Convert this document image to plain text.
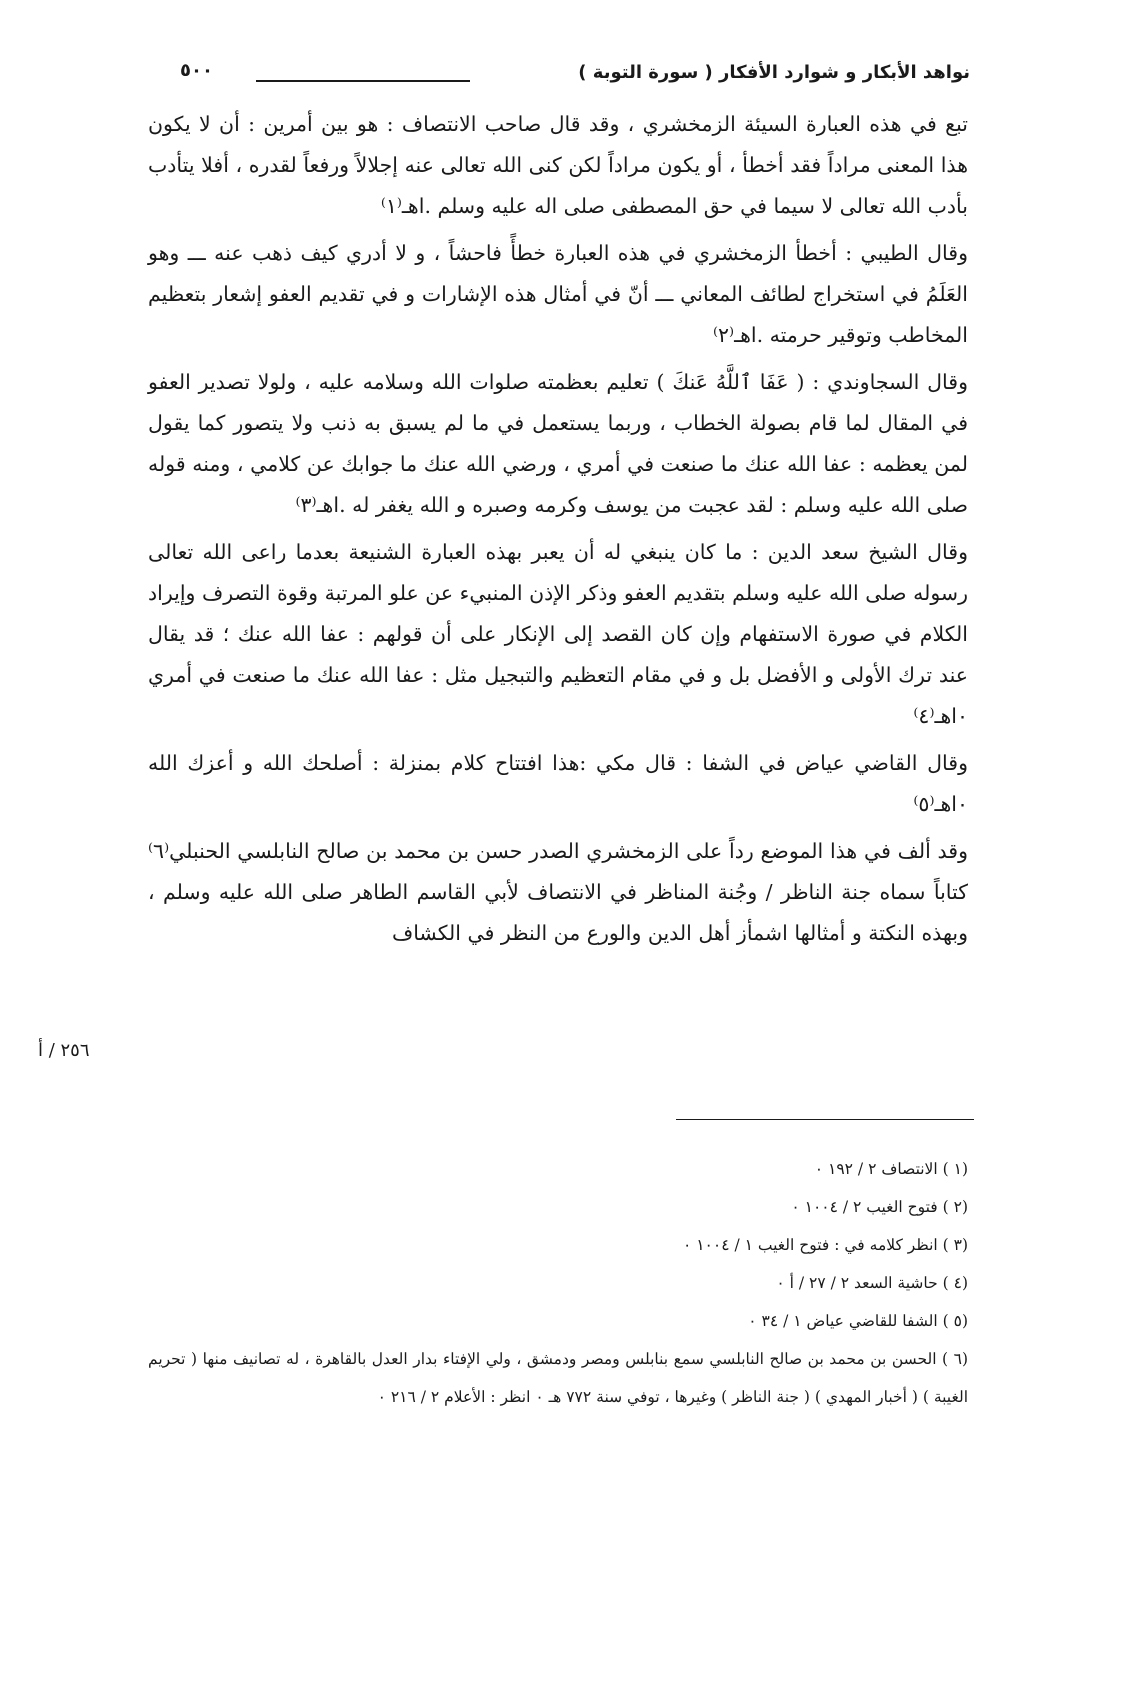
نواهد الأبكار و شوارد الأفكار ( سورة التوبة )
٥٠٠

تبع في هذه العبارة السيئة الزمخشري ، وقد قال صاحب الانتصاف : هو بين أمرين : أن لا يكون هذا المعنى مراداً فقد أخطأ ، أو يكون مراداً لكن كنى الله تعالى عنه إجلالاً ورفعاً لقدره ، أفلا يتأدب بأدب الله تعالى لا سيما في حق المصطفى صلى اله عليه وسلم .اهـ⁽١⁾

وقال الطيبي : أخطأ الزمخشري في هذه العبارة خطأً فاحشاً ، و لا أدري كيف ذهب عنه ـــ وهو العَلَمُ في استخراج لطائف المعاني ـــ أنّ في أمثال هذه الإشارات و في تقديم العفو إشعار بتعظيم المخاطب وتوقير حرمته .اهـ⁽٢⁾

وقال السجاوندي : ( عَفَا ٱللَّهُ عَنكَ ) تعليم بعظمته صلوات الله وسلامه عليه ، ولولا تصدير العفو في المقال لما قام بصولة الخطاب ، وربما يستعمل في ما لم يسبق به ذنب ولا يتصور كما يقول لمن يعظمه : عفا الله عنك ما صنعت في أمري ، ورضي الله عنك ما جوابك عن كلامي ، ومنه قوله صلى الله عليه وسلم : لقد عجبت من يوسف وكرمه وصبره و الله يغفر له .اهـ⁽٣⁾

وقال الشيخ سعد الدين : ما كان ينبغي له أن يعبر بهذه العبارة الشنيعة بعدما راعى الله تعالى رسوله صلى الله عليه وسلم بتقديم العفو وذكر الإذن المنبيء عن علو المرتبة وقوة التصرف وإيراد الكلام في صورة الاستفهام وإن كان القصد إلى الإنكار على أن قولهم : عفا الله عنك ؛ قد يقال عند ترك الأولى و الأفضل بل و في مقام التعظيم والتبجيل مثل : عفا الله عنك ما صنعت في أمري ٠اهـ⁽٤⁾

وقال القاضي عياض في الشفا : قال مكي :هذا افتتاح كلام بمنزلة : أصلحك الله و أعزك الله ٠اهـ⁽٥⁾

وقد ألف في هذا الموضع رداً على الزمخشري الصدر حسن بن محمد بن صالح النابلسي الحنبلي⁽٦⁾ كتاباً سماه جنة الناظر / وجُنة المناظر في الانتصاف لأبي القاسم الطاهر صلى الله عليه وسلم ، وبهذه النكتة و أمثالها اشمأز أهل الدين والورع من النظر في الكشاف

٢٥٦ / أ

(١ ) الانتصاف ٢ / ١٩٢ ٠

(٢ ) فتوح الغيب ٢ / ١٠٠٤ ٠

(٣ ) انظر كلامه في : فتوح الغيب ١ / ١٠٠٤ ٠

(٤ ) حاشية السعد ٢ / ٢٧ / أ ٠

(٥ ) الشفا للقاضي عياض ١ / ٣٤ ٠

(٦ ) الحسن بن محمد بن صالح النابلسي سمع بنابلس ومصر ودمشق ، ولي الإفتاء بدار العدل بالقاهرة ، له تصانيف منها ( تحريم الغيبة ) ( أخبار المهدي ) ( جنة الناظر ) وغيرها ، توفي سنة ٧٧٢ هـ ٠ انظر : الأعلام ٢ / ٢١٦ ٠
